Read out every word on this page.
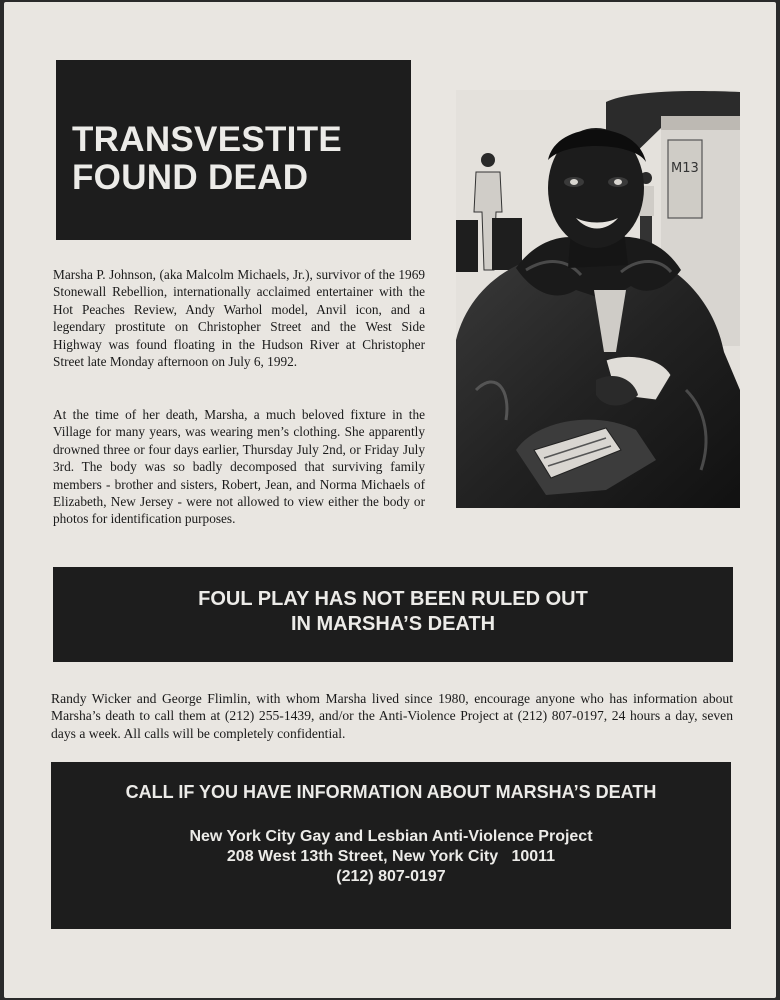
TRANSVESTITE
FOUND DEAD	M13

Marsha P. Johnson, (aka Malcolm Michaels, Jr.), survivor of the 1969 Stonewall Rebellion, internationally acclaimed entertainer with the Hot Peaches Review, Andy Warhol model, Anvil icon, and a legendary prostitute on Christopher Street and the West Side Highway was found floating in the Hudson River at Christopher Street late Monday afternoon on July 6, 1992.

At the time of her death, Marsha, a much beloved fixture in the Village for many years, was wearing men’s clothing. She apparently drowned three or four days earlier, Thursday July 2nd, or Friday July 3rd. The body was so badly decomposed that surviving family members - brother and sisters, Robert, Jean, and Norma Michaels of Elizabeth, New Jersey - were not allowed to view either the body or photos for identification purposes.

FOUL PLAY HAS NOT BEEN RULED OUT
IN MARSHA’S DEATH

Randy Wicker and George Flimlin, with whom Marsha lived since 1980, encourage anyone who has information about Marsha’s death to call them at (212) 255-1439, and/or the Anti-Violence Project at (212) 807-0197, 24 hours a day, seven days a week. All calls will be completely confidential.

CALL IF YOU HAVE INFORMATION ABOUT MARSHA’S DEATH
New York City Gay and Lesbian Anti-Violence Project
208 West 13th Street, New York City   10011
(212) 807-0197
